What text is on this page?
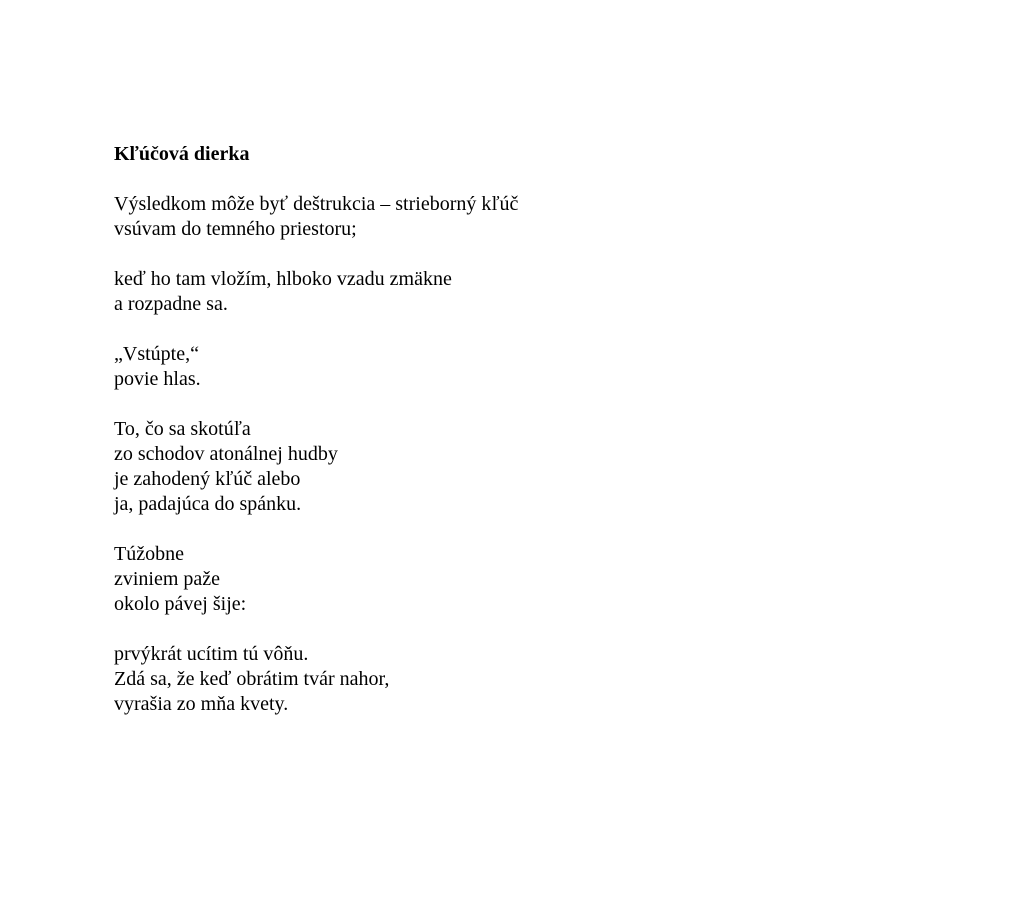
Kľúčová dierka
Výsledkom môže byť deštrukcia – strieborný kľúč
vsúvam do temného priestoru;
keď ho tam vložím, hlboko vzadu zmäkne
a rozpadne sa.
„Vstúpte,“
povie hlas.
To, čo sa skotúľa
zo schodov atonálnej hudby
je zahodený kľúč alebo
ja, padajúca do spánku.
Túžobne
zviniem paže
okolo pávej šije:
prvýkrát ucítim tú vôňu.
Zdá sa, že keď obrátim tvár nahor,
vyrašia zo mňa kvety.
